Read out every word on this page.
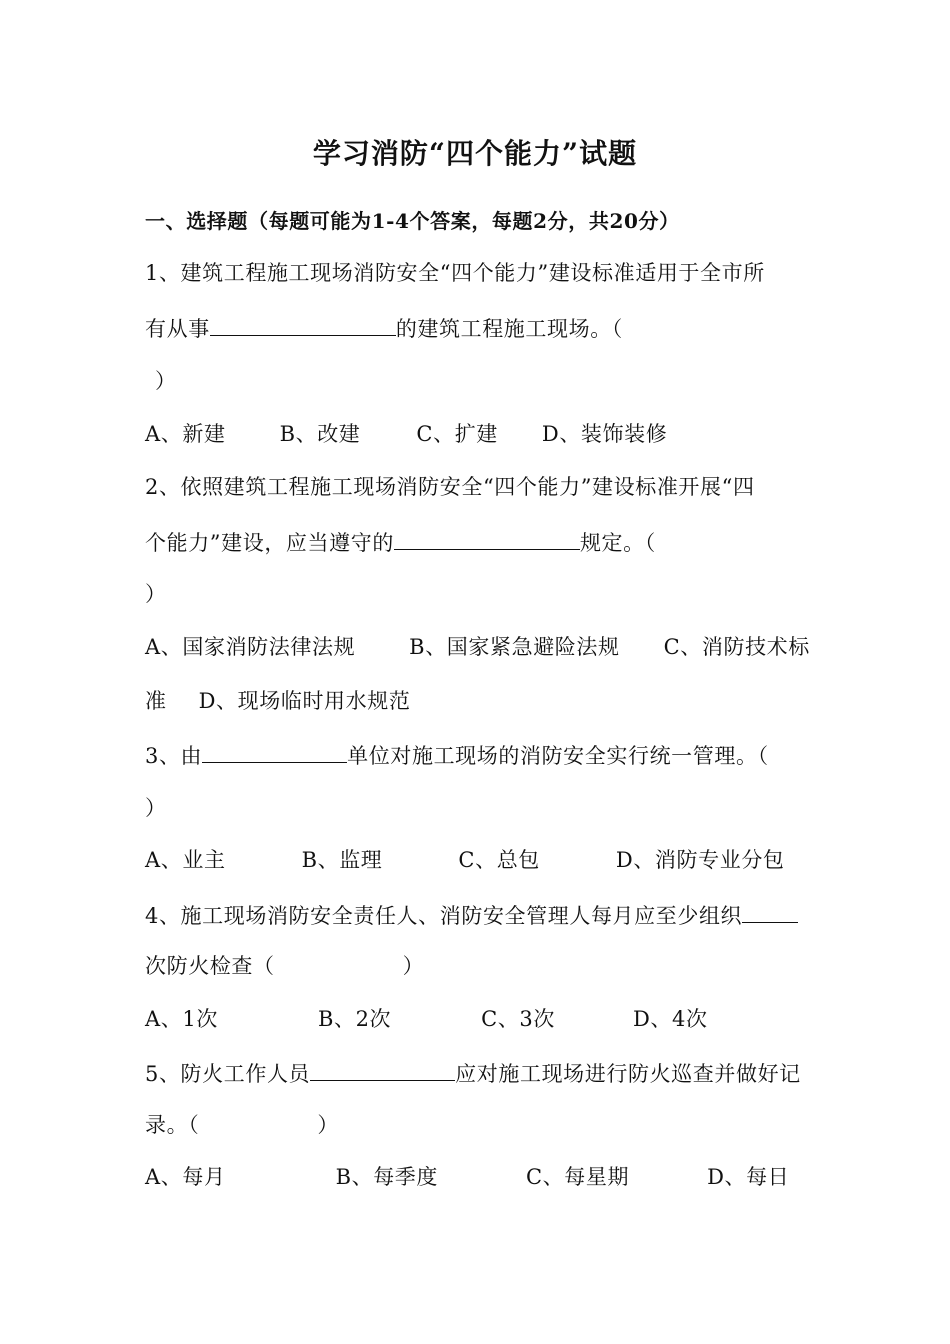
学习消防“四个能力”试题
一、选择题（每题可能为1-4个答案，每题2分，共20分）
1、建筑工程施工现场消防安全“四个能力”建设标准适用于全市所
有从事	的建筑工程施工现场。（
）
A、新建	B、改建	C、扩建 D、装饰装修
2、依照建筑工程施工现场消防安全“四个能力”建设标准开展“四
个能力”建设，应当遵守的	规定。（
）
A、国家消防法律法规	B、国家紧急避险法规 C、消防技术标
准 D、现场临时用水规范
3、由	单位对施工现场的消防安全实行统一管理。（
）
A、业主	B、监理	C、总包	D、消防专业分包
4、施工现场消防安全责任人、消防安全管理人每月应至少组织
次防火检查（	）
A、1次	B、2次	C、3次	D、4次
5、防火工作人员	应对施工现场进行防火巡查并做好记
录。（	）
A、每月	B、每季度	C、每星期	D、每日
